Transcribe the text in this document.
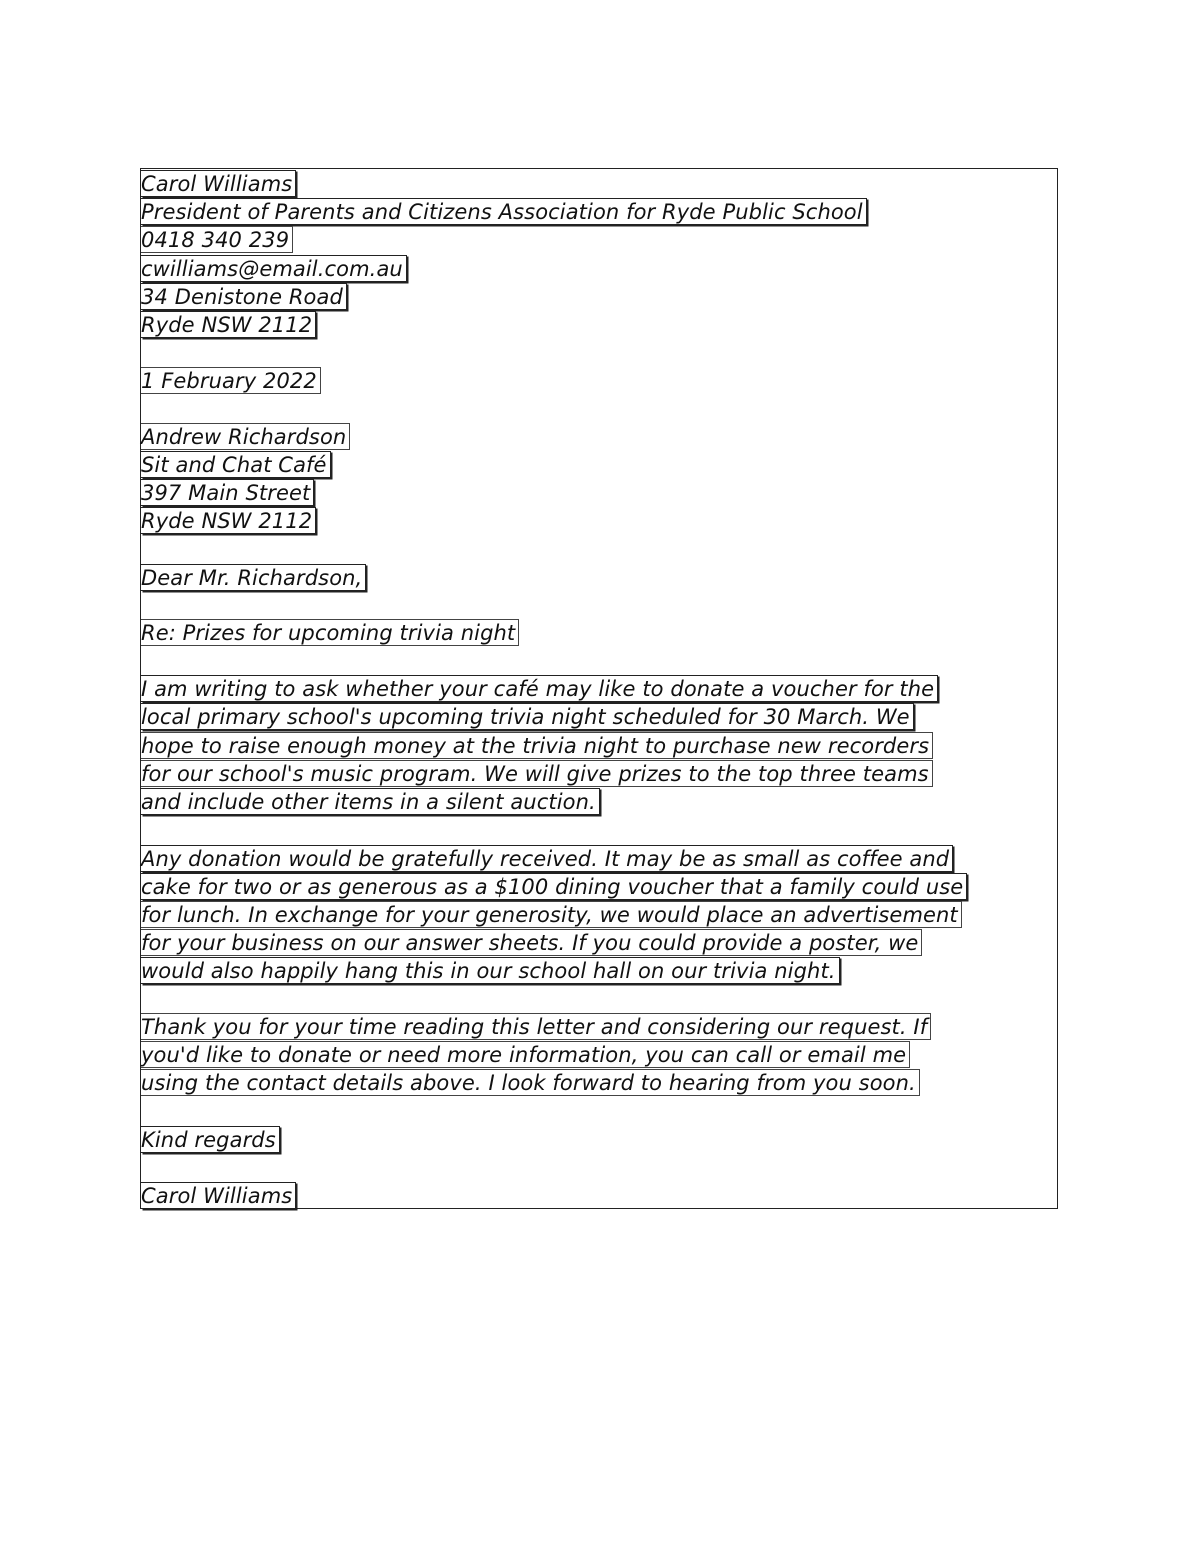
Carol Williams
President of Parents and Citizens Association for Ryde Public School
0418 340 239
cwilliams@email.com.au
34 Denistone Road
Ryde NSW 2112
1 February 2022
Andrew Richardson
Sit and Chat Café
397 Main Street
Ryde NSW 2112
Dear Mr. Richardson,
Re: Prizes for upcoming trivia night
I am writing to ask whether your café may like to donate a voucher for the
local primary school's upcoming trivia night scheduled for 30 March. We
hope to raise enough money at the trivia night to purchase new recorders
for our school's music program. We will give prizes to the top three teams
and include other items in a silent auction.
Any donation would be gratefully received. It may be as small as coffee and
cake for two or as generous as a $100 dining voucher that a family could use
for lunch. In exchange for your generosity, we would place an advertisement
for your business on our answer sheets. If you could provide a poster, we
would also happily hang this in our school hall on our trivia night.
Thank you for your time reading this letter and considering our request. If
you'd like to donate or need more information, you can call or email me
using the contact details above. I look forward to hearing from you soon.
Kind regards
Carol Williams
